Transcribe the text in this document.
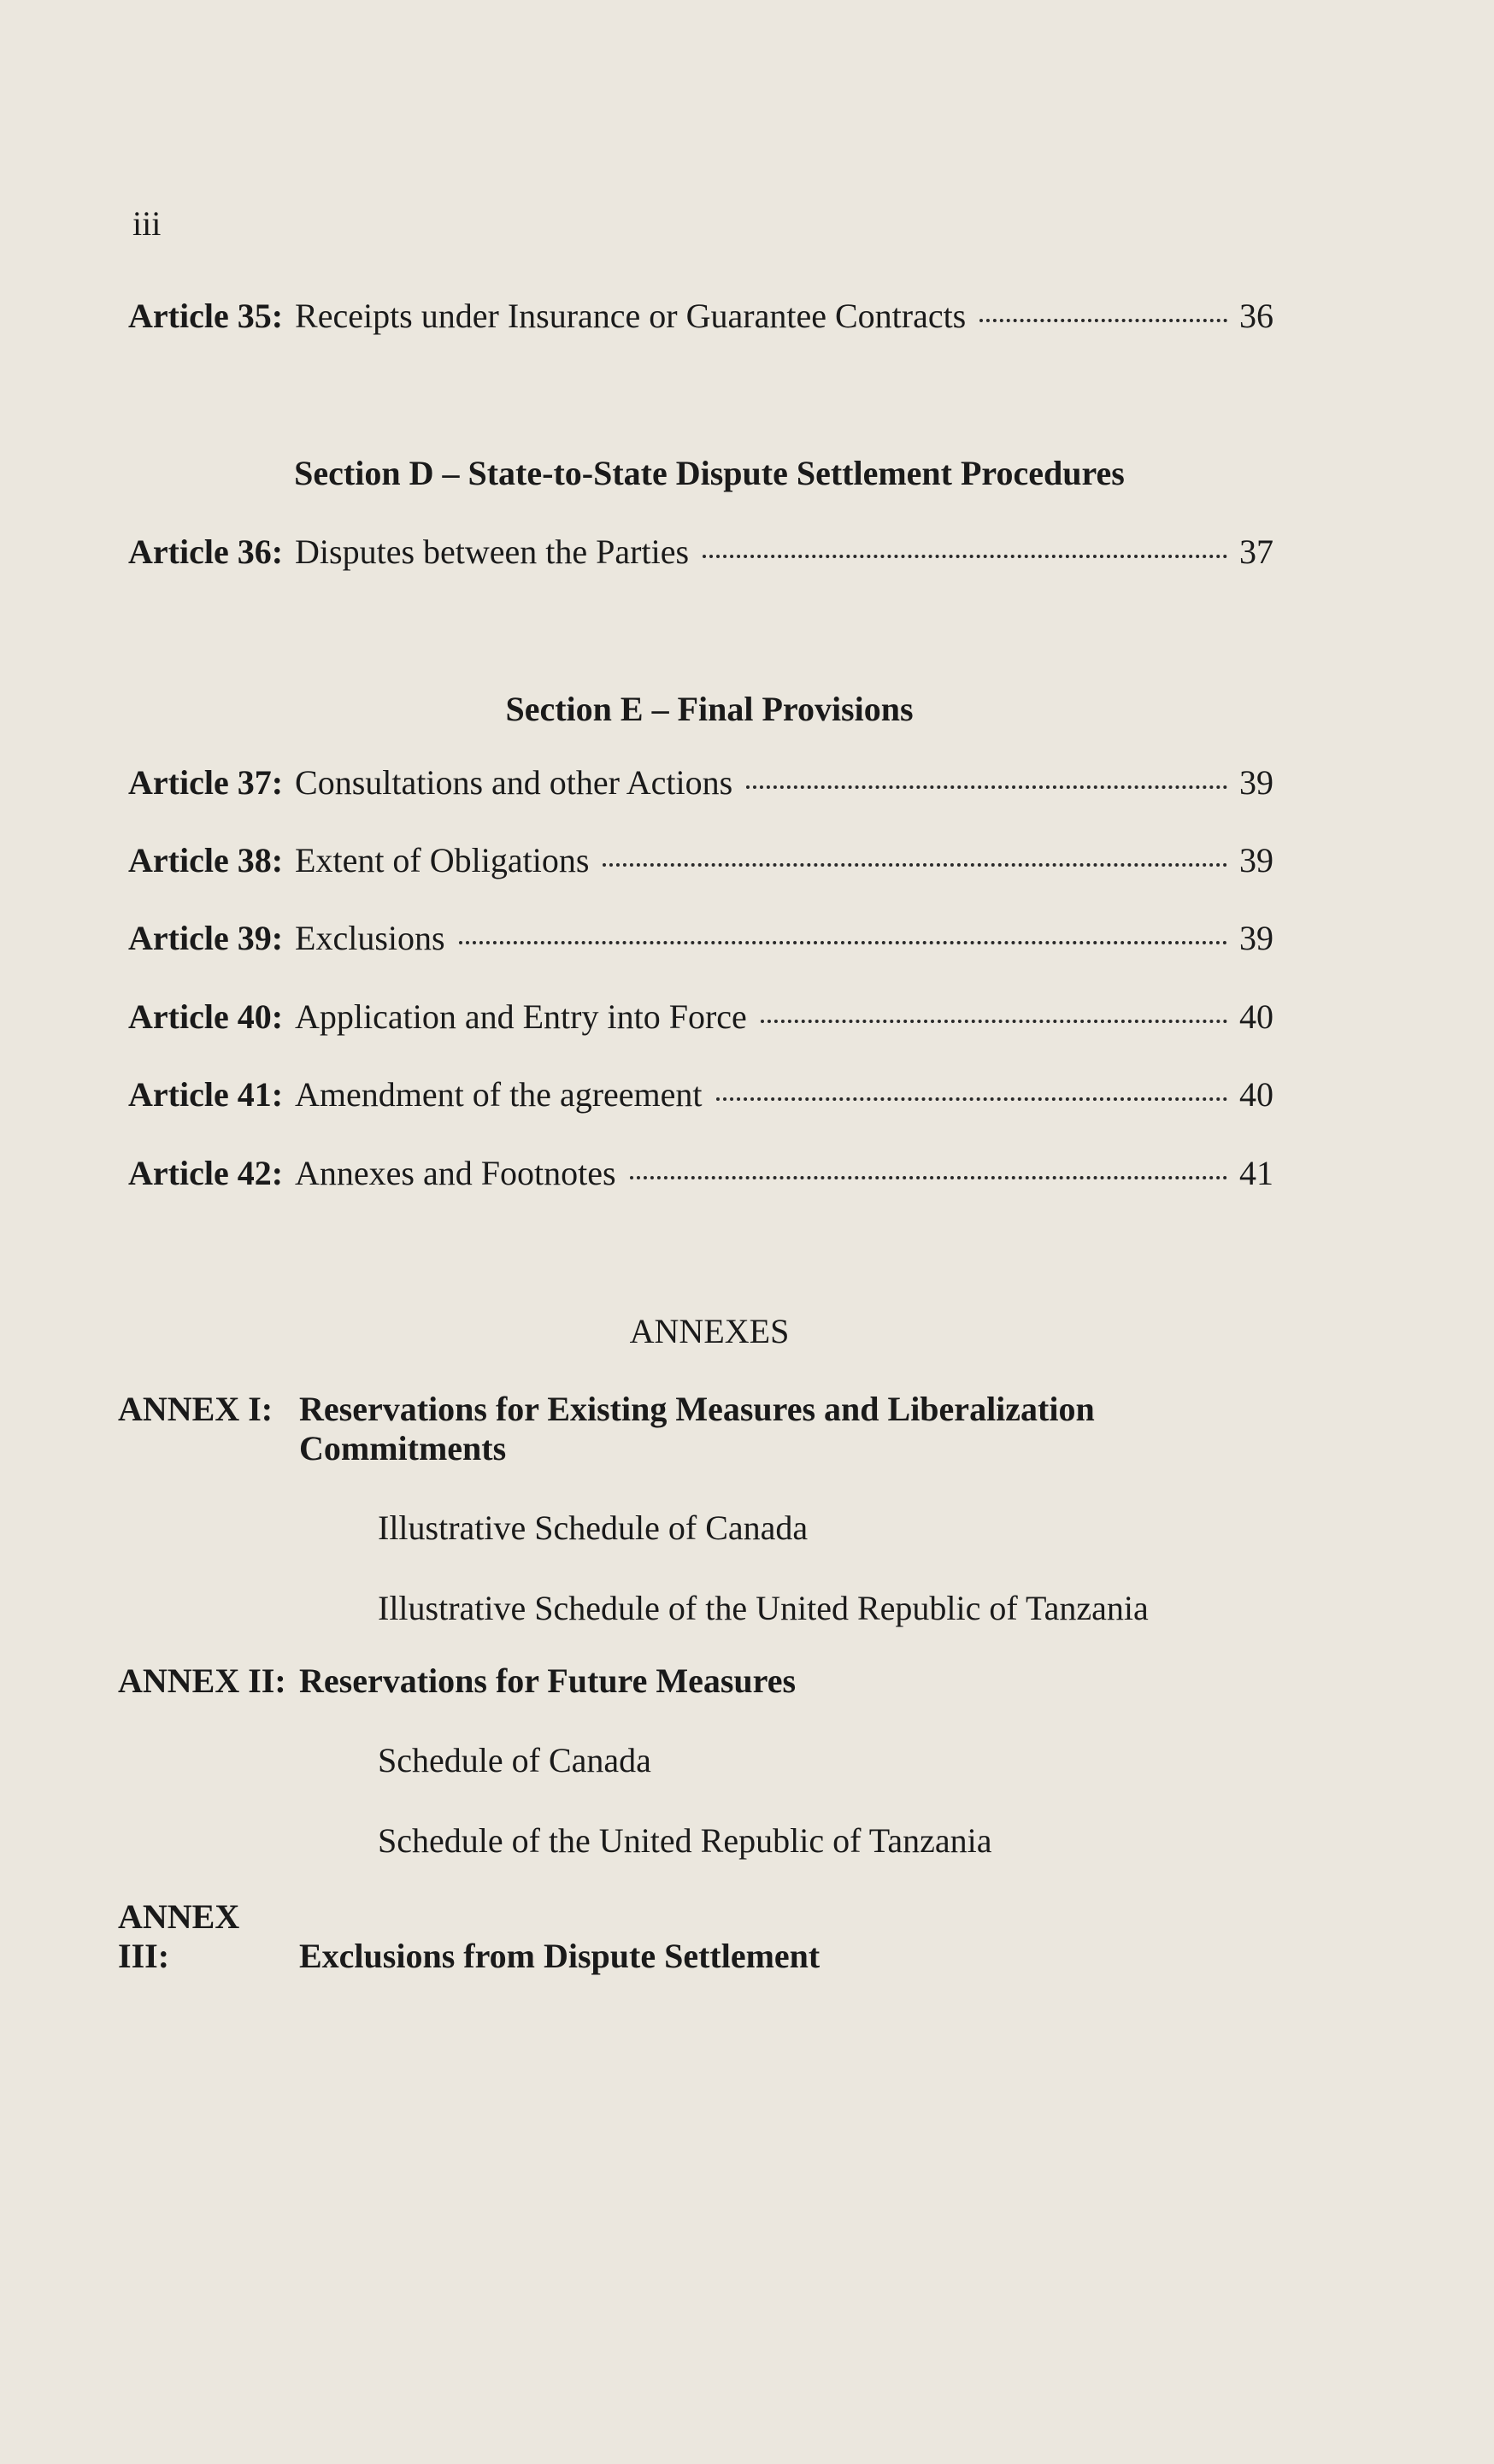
iii
Article 35: Receipts under Insurance or Guarantee Contracts	36
Section D – State-to-State Dispute Settlement Procedures
Article 36: Disputes between the Parties	37
Section E – Final Provisions
Article 37: Consultations and other Actions	39
Article 38: Extent of Obligations	39
Article 39: Exclusions	39
Article 40: Application and Entry into Force	40
Article 41: Amendment of the agreement	40
Article 42: Annexes and Footnotes	41
ANNEXES
ANNEX I: Reservations for Existing Measures and Liberalization
Commitments
Illustrative Schedule of Canada
Illustrative Schedule of the United Republic of Tanzania
ANNEX II: Reservations for Future Measures
Schedule of Canada
Schedule of the United Republic of Tanzania
ANNEX III:	Exclusions from Dispute Settlement
